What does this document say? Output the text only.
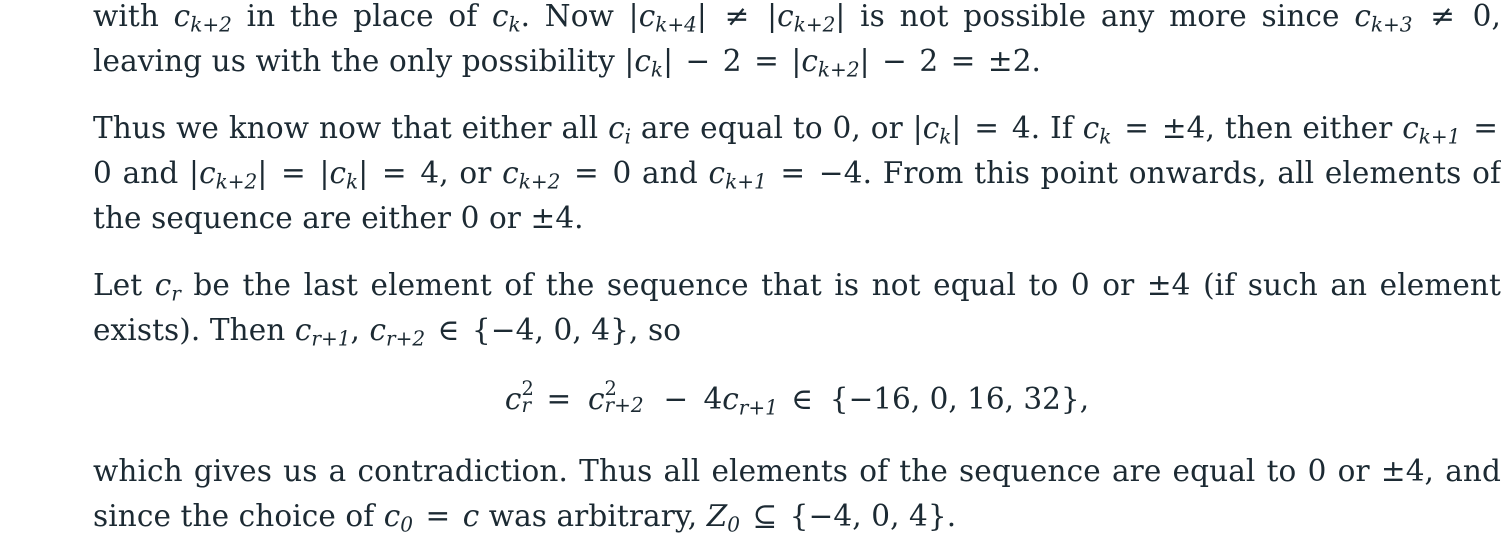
with $c_{k+2}$ in the place of $c_k$. Now $|c_{k+4}| \ne |c_{k+2}|$ is not possible any more since $c_{k+3} \ne 0$, leaving us with the only possibility $|c_k| - 2 = |c_{k+2}| - 2 = \pm 2$.

Thus we know now that either all $c_i$ are equal to 0, or $|c_k| = 4$. If $c_k = \pm 4$, then either $c_{k+1} = 0$ and $|c_{k+2}| = |c_k| = 4$, or $c_{k+2} = 0$ and $c_{k+1} = -4$. From this point onwards, all elements of the sequence are either 0 or ±4.

Let $c_r$ be the last element of the sequence that is not equal to 0 or ±4 (if such an element exists). Then $c_{r+1}$, $c_{r+2}$ ∈ {−4, 0, 4}, so

c r
2 = c r+2
$2 - 4c_{r+1}$ ∈ {−16, 0, 16, 32},

which gives us a contradiction. Thus all elements of the sequence are equal to 0 or ±4, and since the choice of $c_0 = c$ was arbitrary, $Z_0$ ⊆ {−4, 0, 4}.
